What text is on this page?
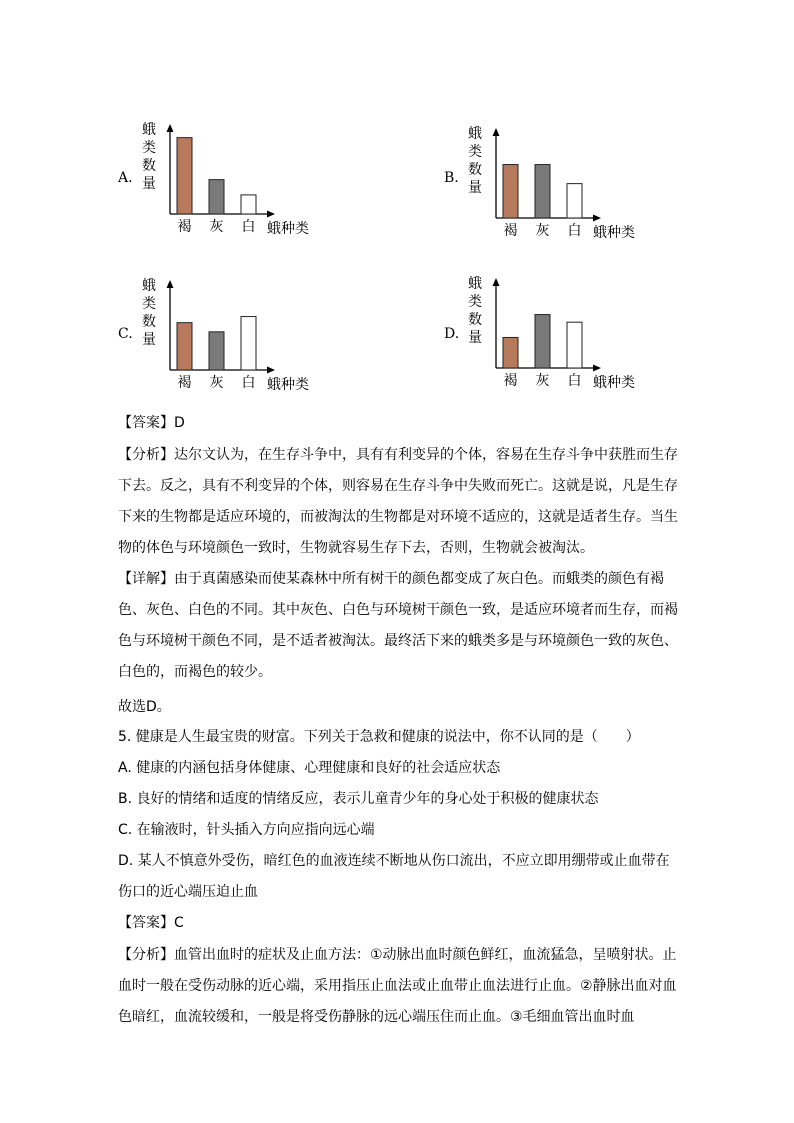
A.
蛾
类
数
量
褐 灰 白 蛾种类
B.
蛾
类
数
量
褐 灰 白 蛾种类
C.
蛾
类
数
量
褐 灰 白 蛾种类
D.
蛾
类
数
量
褐 灰 白 蛾种类
【答案】D
【分析】达尔文认为，在生存斗争中，具有有利变异的个体，容易在生存斗争中获胜而生存下去。反之，具有不利变异的个体，则容易在生存斗争中失败而死亡。这就是说，凡是生存下来的生物都是适应环境的，而被淘汰的生物都是对环境不适应的，这就是适者生存。当生物的体色与环境颜色一致时，生物就容易生存下去，否则，生物就会被淘汰。
【详解】由于真菌感染而使某森林中所有树干的颜色都变成了灰白色。而蛾类的颜色有褐色、灰色、白色的不同。其中灰色、白色与环境树干颜色一致，是适应环境者而生存，而褐色与环境树干颜色不同，是不适者被淘汰。最终活下来的蛾类多是与环境颜色一致的灰色、白色的，而褐色的较少。
故选D。
5. 健康是人生最宝贵的财富。下列关于急救和健康的说法中，你不认同的是（　　）
A. 健康的内涵包括身体健康、心理健康和良好的社会适应状态
B. 良好的情绪和适度的情绪反应，表示儿童青少年的身心处于积极的健康状态
C. 在输液时，针头插入方向应指向远心端
D. 某人不慎意外受伤，暗红色的血液连续不断地从伤口流出，不应立即用绷带或止血带在
伤口的近心端压迫止血
【答案】C
【分析】血管出血时的症状及止血方法：①动脉出血时颜色鲜红，血流猛急，呈喷射状。止血时一般在受伤动脉的近心端，采用指压止血法或止血带止血法进行止血。②静脉出血对血色暗红，血流较缓和，一般是将受伤静脉的远心端压住而止血。③毛细血管出血时血
